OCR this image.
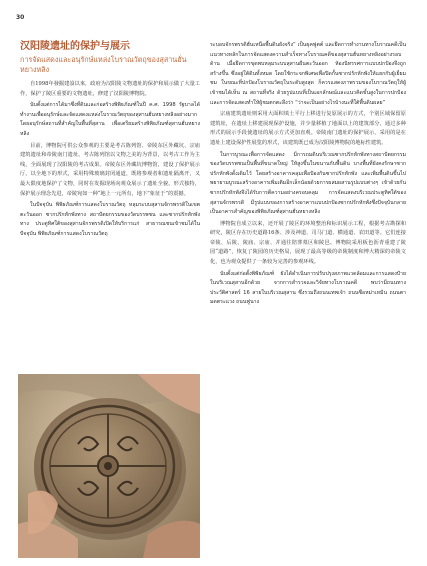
30
汉阳陵遗址的保护与展示
การจัดแสดงและอนุรักษ์แหล่งโบราณวัตถุของสุสานฮั่นหยางหลิง

自1998年發掘建設以來，政府为汉阳陵文物遗址的保护和展示做了大量工作，保护了陵区重要的文物遗址，修建了汉阳陵博物院。

นับตั้งแต่การได้มาซึ่งที่ดินและก่อสร้างพิพิธภัณฑ์ในปี ค.ศ. 1998 รัฐบาลได้ทำงานเพื่ออนุรักษ์และจัดแสดงแหล่งโบราณวัตถุของสุสานฮั่นหยางหลิงอย่างมาก โดยอนุรักษ์สถานที่สำคัญในพื้นที่สุสาน เพื่อเตรียมสร้างพิพิธภัณฑ์สุสานฮั่นหยางหลิง

目前，博物院可供公众参观的主要是考古陈列馆、帝陵东区外藏坑、宗庙建筑遗址和帝陵南门遗址。考古陈列馆以文物之美的为背景，以考古工作为主线，全面展现了汉阳陵的考古成果。帝陵东区外藏坑博物馆，建设了保护展示厅，以全地下的形式，采用特殊玻璃封闭通道，既将参观者和遗址隔离开，又最大限度地保护了文物，同时在发掘现场向观众展示了遗址全貌。形式独特，保护展示理念先进，帝陵宛如一种“地上一元所有，地下”象征于”的震撼。

ในปัจจุบัน พิพิธภัณฑ์การแสดงโบราณวัตถุ หลุมระบบสุสานจักรพรรดิในเขตตะวันออก ซากปรักหักพังทาง สถาปัตยกรรมของวัดบรรพชน และซากปรักหักพังทาง ประตูทิศใต้ของสุสานจักรพรรดิเปิดให้บริการแก่ สาธารณชนเข้าชมได้ในปัจจุบัน พิพิธภัณฑ์การแสดงโบราณวัตถุ

ระบอบจักรพรรดิฮั่นเหนือพื้นดินยังจริง” เป็นยุคฟูตต์ และยึดการทำงานทางโบราณคดีเป็นแนวทางหลักในการจัดแสดงความสำเร็จทางโบราณคดีของสุสานฮั่นหยางหลิงอย่างรอบด้าน เมื่อยึดการขุดพบหลุมระบบสุสานฝั่นตะวันออก ห้องนิทรรศการแบบปกป้องจึงถูกสร้างขึ้น ซึ่งอยู่ใต้ดินทั้งหมด โดยใช้กระจกพิเศษเพื่อปิดกั้นซากปรักหักพังให้แยกกับผู้เยี่ยมชม ในขณะที่ปกป้องโบราณวัตถุในระดับสูงสุด ก็ควรแสดงภาพรวมของโบราณวัตถุให้ผู้เข้าชมได้เห็น ณ สถานที่จริง ด้วยรูปแบบที่เป็นเอกลักษณ์และแนวคิดขั้นสูงในการปกป้องและการจัดแสดงทำให้ผู้ชมตกตะลึงว่า “ว่าจะเป็นอย่างไรบ้างนะที่ใต้พื้นดินผลย”

宗庙建筑遗址则采用大面积填土平行上移进行复原展示的方式，个别区域保留原建筑址，在遗址上移建展现保护设施，并少量移植了地面以上的建筑部分，通过多种形式的展示手段使遗址的展示方式更加直观。帝陵南门遗址的保护展示，采用的是在遗址上建设保护性展览的形式，该建筑既已成为汉阳陵博物院的地标性建筑。

ในการบูรณะเพื่อการจัดแสดง มีการถมดินบริเวณซากปรักหักพังทางสถาปัตยกรรมของวัดบรรพชนเป็นพื้นที่ขนาดใหญ่ ให้สูงขึ้นในขนานกับพื้นดิน บางพื้นที่ยังคงรักษาซากปรักหักพังดั้งเดิมไว้ โดยสร้างอาคารคลุมเพื่อป้องกันซากปรักหักพัง และเพิ่มพื้นดินขึ้นไป พยายามบูรณะสร้างอาคารเพิ่มเติมอีกเล็กน้อยด้วยการผสมผสานรูปแบบต่างๆ เข้าด้วยกัน ซากปรักหักพังจึงได้รับการตีความอย่างครอบคลุม การจัดแสดงบริเวณประตูทิศใต้ของสุสานจักรพรรดิ มีรูปแบบของการสร้างอาคารแบบปกป้องซากปรักหักพังซึ่งปัจจุบันกลายเป็นอาคารสำคัญของพิพิธภัณฑ์สุสานฮั่นหยางหลิง

博物院自成立以来，还开展了陵区的环境整治和标识展示工程，根据考古勘探和研究，陵区存在历史道路16条、涉及神道、司马门道、横通道、农田道等。它们连接帝陵、后陵、陵庙、宗庙、并通往陪葬墓区和陵邑。博物院采用板色沥青重建了陵园“道路”，恢复了陵园的历史格局，展现了最高等级的帝陵制度和博大精深的帝陵文化，也为观众提供了一条较为完善的参观环线。

นับตั้งแต่ก่อตั้งพิพิธภัณฑ์ ยังได้ดำเนินการปรับปรุงสภาพแวดล้อมและการแสดงป้ายในบริเวณสุสานอีกด้วย จากการสำรวจและวิจัยทางโบราณคดี พบว่ามีถนนทางประวัติศาสตร์ 16 สายในบริเวณสุสาน ซึ่งรวมถึงถนนเทพเจ้า ถนนซือหม่าเหมิน ถนนตามดตระแวง ถนนฟูนาง
